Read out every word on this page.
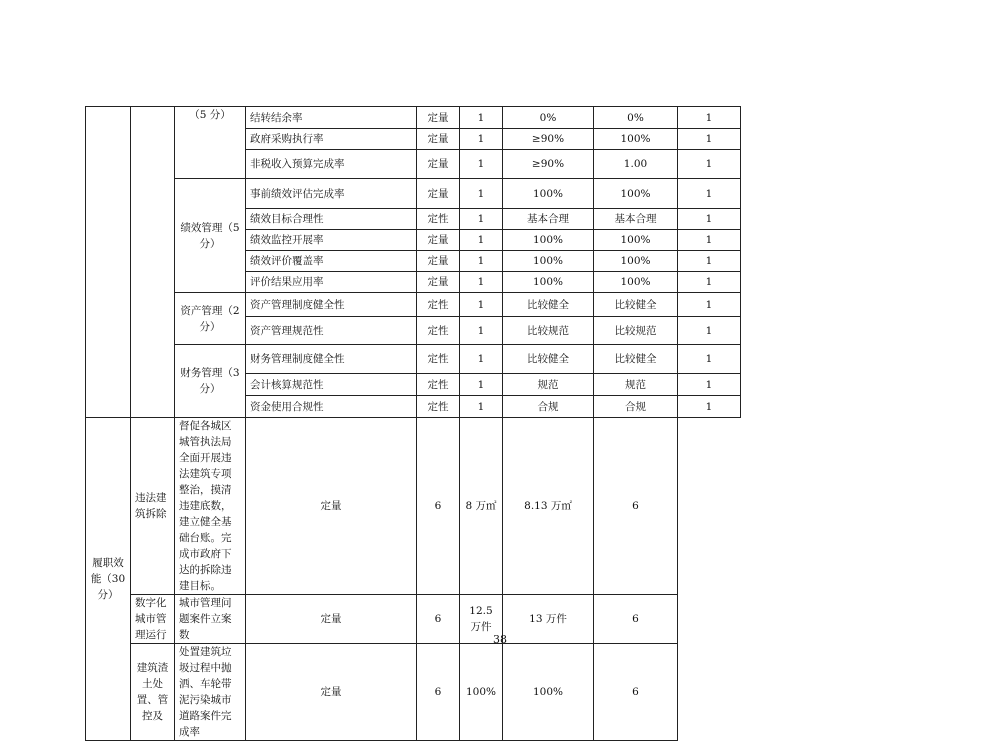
		（5 分）	结转结余率	定量	1	0%	0%	1
			政府采购执行率	定量	1	≥90%	100%	1
			非税收入预算完成率	定量	1	≥90%	1.00	1
		绩效管理（5 分）	事前绩效评估完成率	定量	1	100%	100%	1
			绩效目标合理性	定性	1	基本合理	基本合理	1
			绩效监控开展率	定量	1	100%	100%	1
			绩效评价覆盖率	定量	1	100%	100%	1
			评价结果应用率	定量	1	100%	100%	1
		资产管理（2 分）	资产管理制度健全性	定性	1	比较健全	比较健全	1
			资产管理规范性	定性	1	比较规范	比较规范	1
		财务管理（3 分）	财务管理制度健全性	定性	1	比较健全	比较健全	1
			会计核算规范性	定性	1	规范	规范	1
			资金使用合规性	定性	1	合规	合规	1
履职效能（30 分）	违法建筑拆除	督促各城区城管执法局全面开展违法建筑专项整治，摸清违建底数，建立健全基础台账。完成市政府下达的拆除违建目标。	定量	6	8 万㎡	8.13 万㎡	6	
	数字化城市管理运行	城市管理问题案件立案数	定量	6	12.5 万件	13 万件	6	
	建筑渣土处置、管控及	处置建筑垃圾过程中抛洒、车轮带泥污染城市道路案件完成率	定量	6	100%	100%	6	
38
